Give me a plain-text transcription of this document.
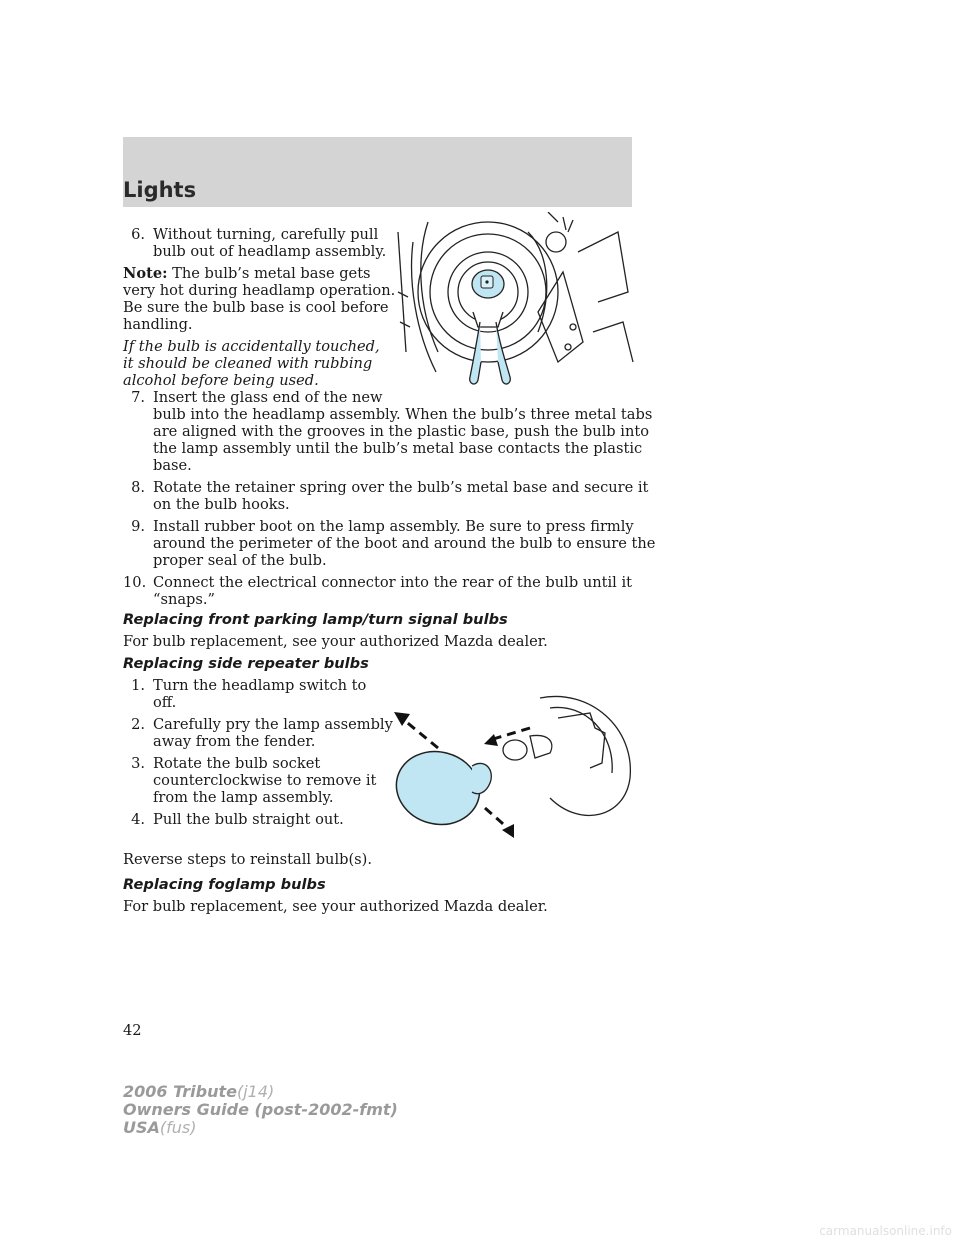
Lights
6. Without turning, carefully pull
bulb out of headlamp assembly.
Note: The bulb’s metal base gets
very hot during headlamp operation.
Be sure the bulb base is cool before
handling.
If the bulb is accidentally touched,
it should be cleaned with rubbing
alcohol before being used.
7. Insert the glass end of the new
bulb into the headlamp assembly. When the bulb’s three metal tabs
are aligned with the grooves in the plastic base, push the bulb into
the lamp assembly until the bulb’s metal base contacts the plastic
base.
8. Rotate the retainer spring over the bulb’s metal base and secure it
on the bulb hooks.
9. Install rubber boot on the lamp assembly. Be sure to press firmly
around the perimeter of the boot and around the bulb to ensure the
proper seal of the bulb.
10. Connect the electrical connector into the rear of the bulb until it
“snaps.”
Replacing front parking lamp/turn signal bulbs
For bulb replacement, see your authorized Mazda dealer.
Replacing side repeater bulbs
1. Turn the headlamp switch to
off.
2. Carefully pry the lamp assembly
away from the fender.
3. Rotate the bulb socket
counterclockwise to remove it
from the lamp assembly.
4. Pull the bulb straight out.
Reverse steps to reinstall bulb(s).
Replacing foglamp bulbs
For bulb replacement, see your authorized Mazda dealer.
42
2006 Tribute(j14)
Owners Guide (post-2002-fmt)
USA(fus)
carmanualsonline.info
